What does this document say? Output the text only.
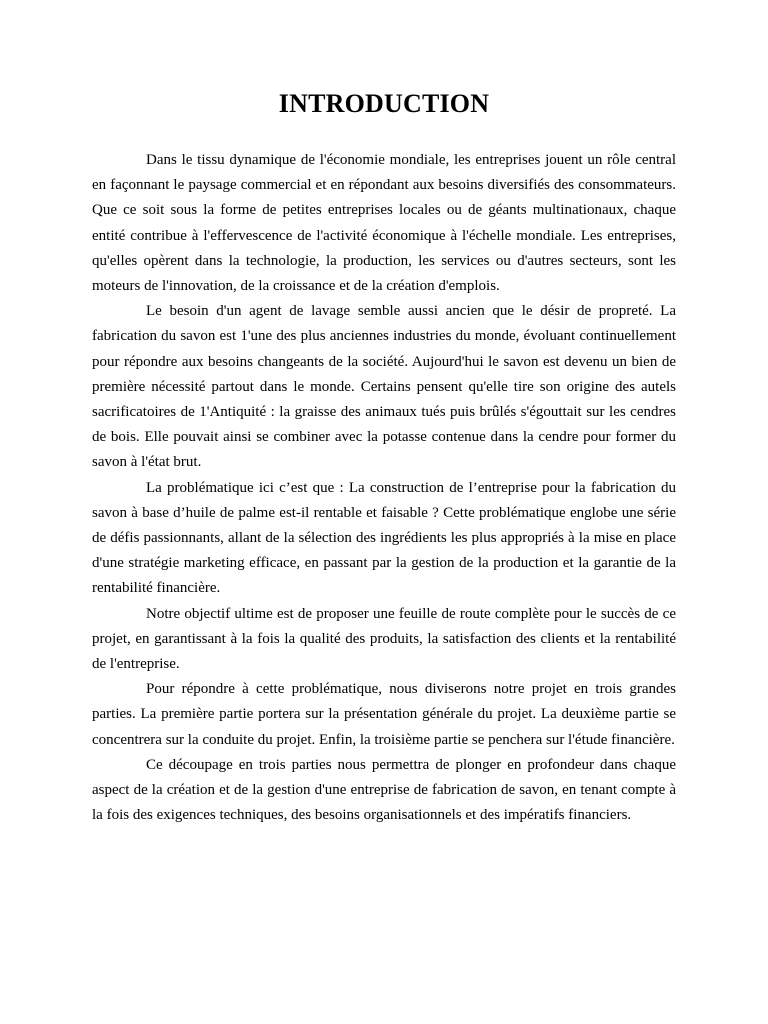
INTRODUCTION

Dans le tissu dynamique de l'économie mondiale, les entreprises jouent un rôle central en façonnant le paysage commercial et en répondant aux besoins diversifiés des consommateurs. Que ce soit sous la forme de petites entreprises locales ou de géants multinationaux, chaque entité contribue à l'effervescence de l'activité économique à l'échelle mondiale. Les entreprises, qu'elles opèrent dans la technologie, la production, les services ou d'autres secteurs, sont les moteurs de l'innovation, de la croissance et de la création d'emplois.

Le besoin d'un agent de lavage semble aussi ancien que le désir de propreté. La fabrication du savon est 1'une des plus anciennes industries du monde, évoluant continuellement pour répondre aux besoins changeants de la société. Aujourd'hui le savon est devenu un bien de première nécessité partout dans le monde. Certains pensent qu'elle tire son origine des autels sacrificatoires de 1'Antiquité : la graisse des animaux tués puis brûlés s'égouttait sur les cendres de bois. Elle pouvait ainsi se combiner avec la potasse contenue dans la cendre pour former du savon à l'état brut.

La problématique ici c’est que : La construction de l’entreprise pour la fabrication du savon à base d’huile de palme est-il rentable et faisable ? Cette problématique englobe une série de défis passionnants, allant de la sélection des ingrédients les plus appropriés à la mise en place d'une stratégie marketing efficace, en passant par la gestion de la production et la garantie de la rentabilité financière.

Notre objectif ultime est de proposer une feuille de route complète pour le succès de ce projet, en garantissant à la fois la qualité des produits, la satisfaction des clients et la rentabilité de l'entreprise.

Pour répondre à cette problématique, nous diviserons notre projet en trois grandes parties. La première partie portera sur la présentation générale du projet. La deuxième partie se concentrera sur la conduite du projet. Enfin, la troisième partie se penchera sur l'étude financière.

Ce découpage en trois parties nous permettra de plonger en profondeur dans chaque aspect de la création et de la gestion d'une entreprise de fabrication de savon, en tenant compte à la fois des exigences techniques, des besoins organisationnels et des impératifs financiers.
